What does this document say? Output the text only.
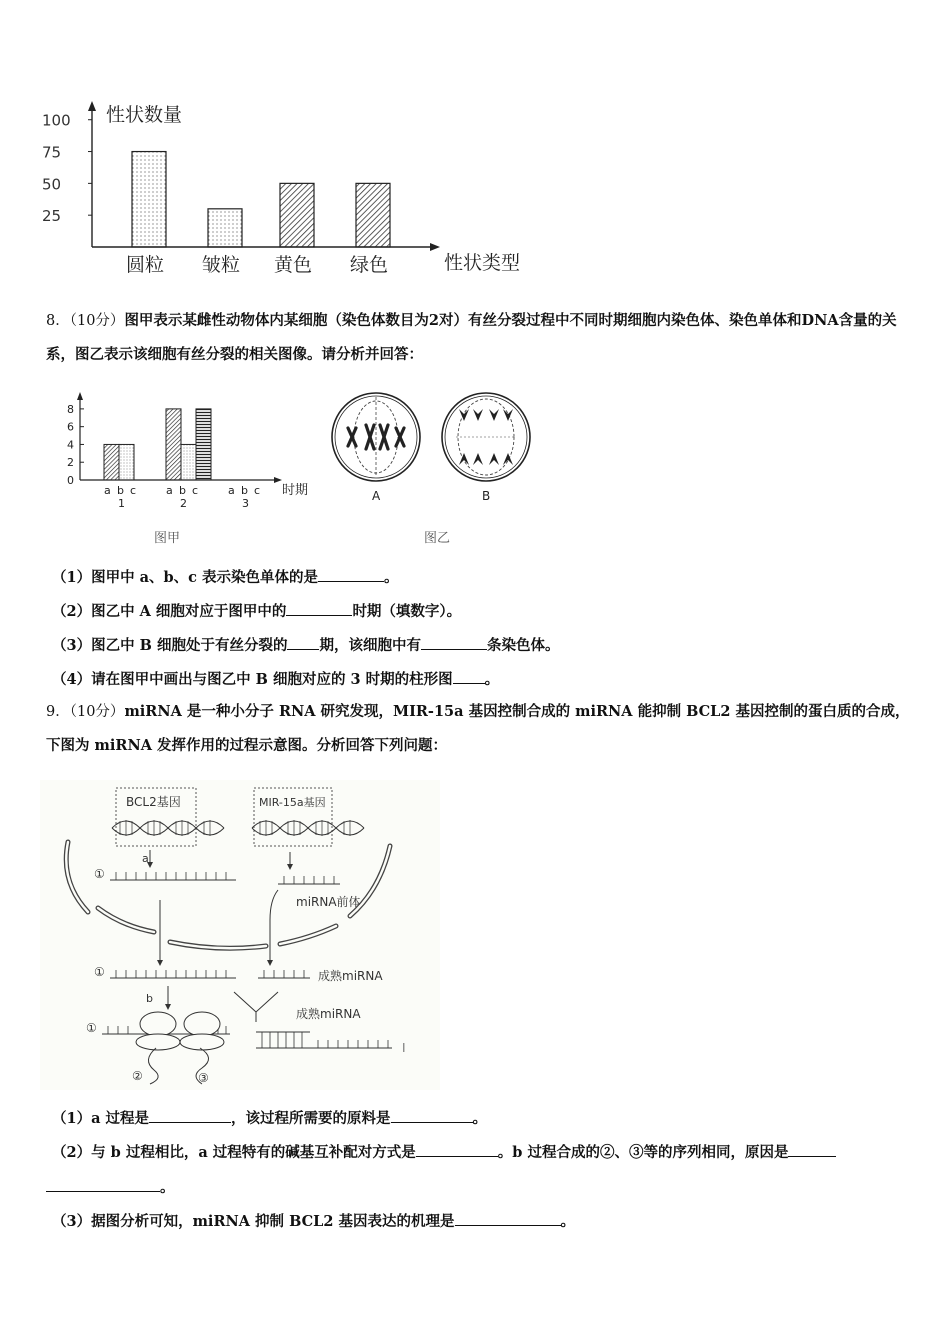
性状数量
性状类型
25
50
75
100
圆粒 皱粒 黄色 绿色
8．（10分）图甲表示某雌性动物体内某细胞（染色体数目为2对）有丝分裂过程中不同时期细胞内染色体、染色单体和DNA含量的关系，图乙表示该细胞有丝分裂的相关图像。请分析并回答：
0
2
4
6
8
a b c
1
a b c
2
a b c
3
时期
图甲
A	B
图乙
（1）图甲中 a、b、c 表示染色单体的是	。
（2）图乙中 A 细胞对应于图甲中的	时期（填数字）。
（3）图乙中 B 细胞处于有丝分裂的 期，该细胞中有	条染色体。
（4）请在图甲中画出与图乙中 B 细胞对应的 3 时期的柱形图 。
9．（10分）miRNA 是一种小分子 RNA 研究发现，MIR-15a 基因控制合成的 miRNA 能抑制 BCL2 基因控制的蛋白质的合成，下图为 miRNA 发挥作用的过程示意图。分析回答下列问题：
BCL2基因	MIR-15a基因
a
①
miRNA前体
①	成熟miRNA
b
成熟miRNA
①
②	③
I
（1）a 过程是	，该过程所需要的原料是	。
（2）与 b 过程相比，a 过程特有的碱基互补配对方式是	。b 过程合成的②、③等的序列相同，原因是
。
（3）据图分析可知，miRNA 抑制 BCL2 基因表达的机理是	。
